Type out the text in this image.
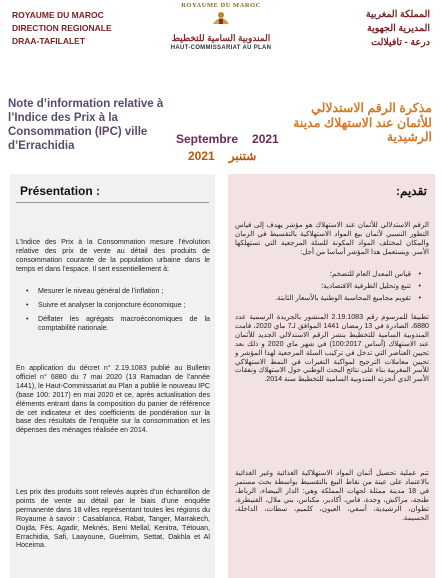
ROYAUME DU MAROC
DIRECTION REGIONALE
DRAA-TAFILALET
ROYAUME DU MAROC
المندوبية السامية للتخطيط
HAUT-COMMISSARIAT AU PLAN
المملكة المغربية
المديرية الجهوية
درعة - تافيلالت
Note d’information relative à l’Indice des Prix à la Consommation (IPC) ville d’Errachidia	Septembre 2021
2021 شتنبر
مذكرة الرقم الاستدلالي للأثمان عند الاستهلاك مدينة الرشيدية
Présentation :
L’Indice des Prix à la Consommation mesure l’évolution relative des prix de vente au détail des produits de consommation courante de la population urbaine dans le temps et dans l’espace. Il sert essentiellement à:
• Mesurer le niveau général de l’inflation ;
• Suivre et analyser la conjoncture économique ;
• Déflater les agrégats macroéconomiques de la comptabilité nationale.
En application du décret n° 2.19.1083 publié au Bulletin officiel n° 6880 du 7 mai 2020 (13 Ramadan de l’année 1441), le Haut-Commissariat au Plan a publié le nouveau IPC (base 100: 2017) en mai 2020 et ce, après actualisation des éléments entrant dans la composition du panier de référence de cet indicateur et des coefficients de pondération sur la base des résultats de l’enquête sur la consommation et les dépenses des ménages réalisée en 2014.
Les prix des produits sont relevés auprès d’un échantillon de points de vente au détail par le biais d’une enquête permanente dans 18 villes représentant toutes les régions du Royaume à savoir : Casablanca, Rabat, Tanger, Marrakech, Oujda, Fès, Agadir, Meknès, Beni Mellal, Kenitra, Tétouan, Errachidia, Safi, Laayoune, Guelmim, Settat, Dakhla et Al Hoceima.
تقديم:
الرقم الاستدلالي للأثمان عند الاستهلاك هو مؤشر يهدف إلى قياس التطور النسبي لأثمان بيع المواد الاستهلاكية بالتقسيط في الزمان والمكان لمختلف المواد المكونة للسلة المرجعية التي تستهلكها الأسر. ويستعمل هذا المؤشر أساسا من أجل:
• قياس المعدل العام للتضخم؛
• تتبع وتحليل الظرفية الاقتصادية؛
• تقويم مجاميع المحاسبة الوطنية بالأسعار الثابتة.
تطبيقا للمرسوم رقم 2.19.1083 المنشور بالجريدة الرسمية عدد 6880، الصادرة في 13 رمضان 1441 الموافق لـ7 ماي 2020، قامت المندوبية السامية للتخطيط بنشر الرقم الاستدلالي الجديد للأثمان عند الاستهلاك (أساس 100:2017) في شهر ماي 2020 و ذلك بعد تحيين العناصر التي تدخل في تركيب السلة المرجعية لهذا المؤشر و تحيين معاملات الترجيح لمواكبة التغيرات في النمط الاستهلاكي للأسر المغربية بناء على نتائج البحث الوطني حول الاستهلاك ونفقات الأسر الذي أنجزته المندوبية السامية للتخطيط سنة 2014.
تتم عملية تحصيل أثمان المواد الاستهلاكية الغذائية وغير الغذائية بالاعتماد على عينة من نقاط البيع بالتقسيط بواسطة بحث مستمر في 18 مدينة ممثلة لجهات المملكة وهي: الدار البيضاء، الرباط، طنجة، مراكش، وجدة، فاس، أكادير، مكناس، بني ملال، القنيطرة، تطوان، الرشيدية، آسفي، العيون، كلميم، سطات، الداخلة، الحسيمة.
